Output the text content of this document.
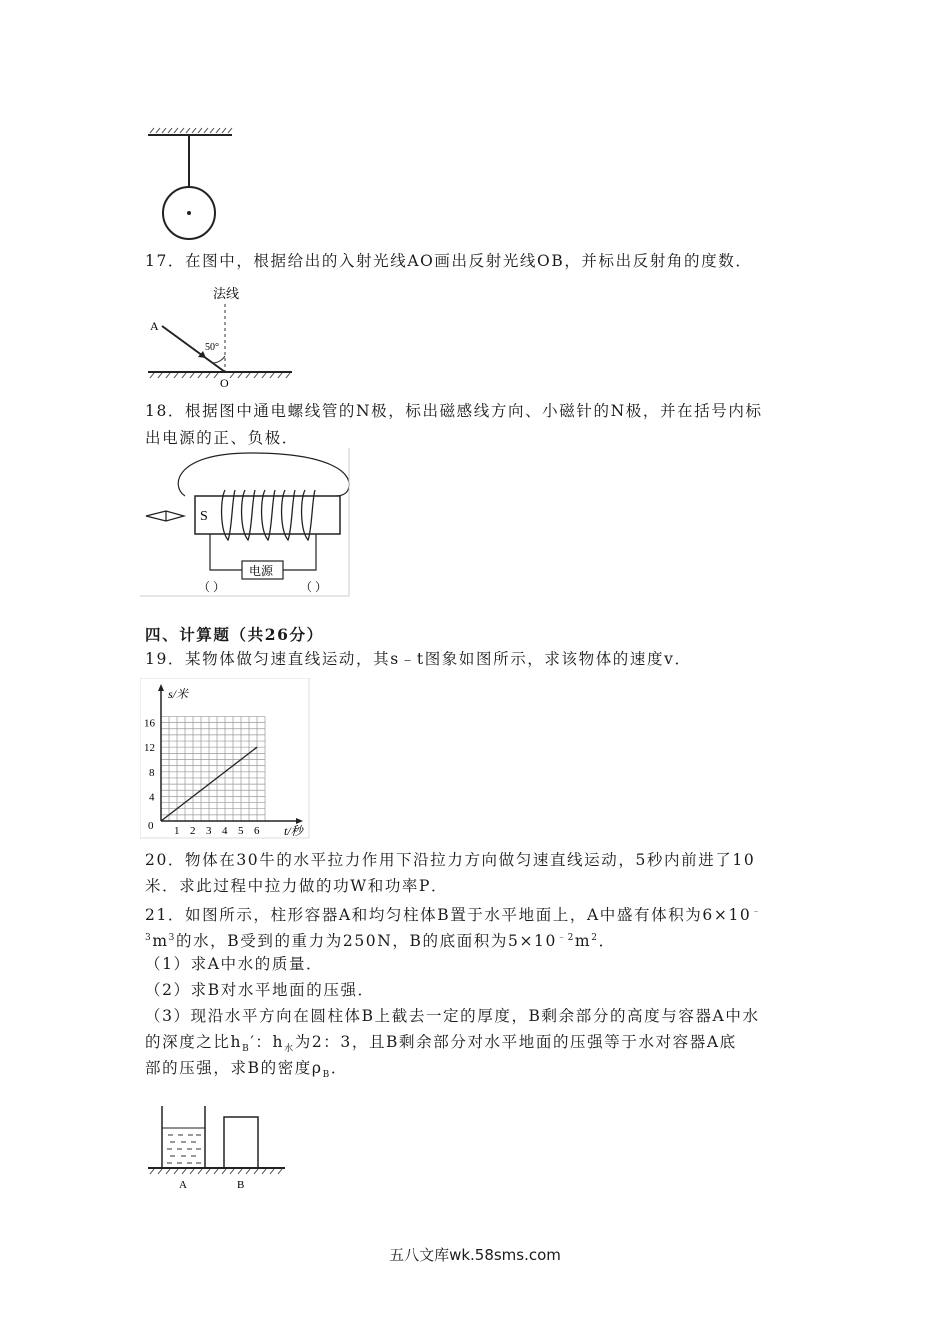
17．在图中，根据给出的入射光线AO画出反射光线OB，并标出反射角的度数．
法线
A
50°
O
18．根据图中通电螺线管的N极，标出磁感线方向、小磁针的N极，并在括号内标
出电源的正、负极．
S
电源
（ ）	（ ）
四、计算题（共26分）
19．某物体做匀速直线运动，其s﹣t图象如图所示，求该物体的速度v．
s/米
t/秒
0 1 2 3 4 5 6
4
8
12
16
20．物体在30牛的水平拉力作用下沿拉力方向做匀速直线运动，5秒内前进了10
米．求此过程中拉力做的功W和功率P．
21．如图所示，柱形容器A和均匀柱体B置于水平地面上，A中盛有体积为6×10﹣
$^3m^3$的水，B受到的重力为250N，B的底面积为$5\times 10^{﹣2}m^2$．
（1）求A中水的质量．
（2）求B对水平地面的压强．
（3）现沿水平方向在圆柱体B上截去一定的厚度，B剩余部分的高度与容器A中水
的深度之比$h_B'$：$h_水$为2：3，且B剩余部分对水平地面的压强等于水对容器A底
部的压强，求B的密度$\rho_B$．
A	B
五八文库wk.58sms.com
